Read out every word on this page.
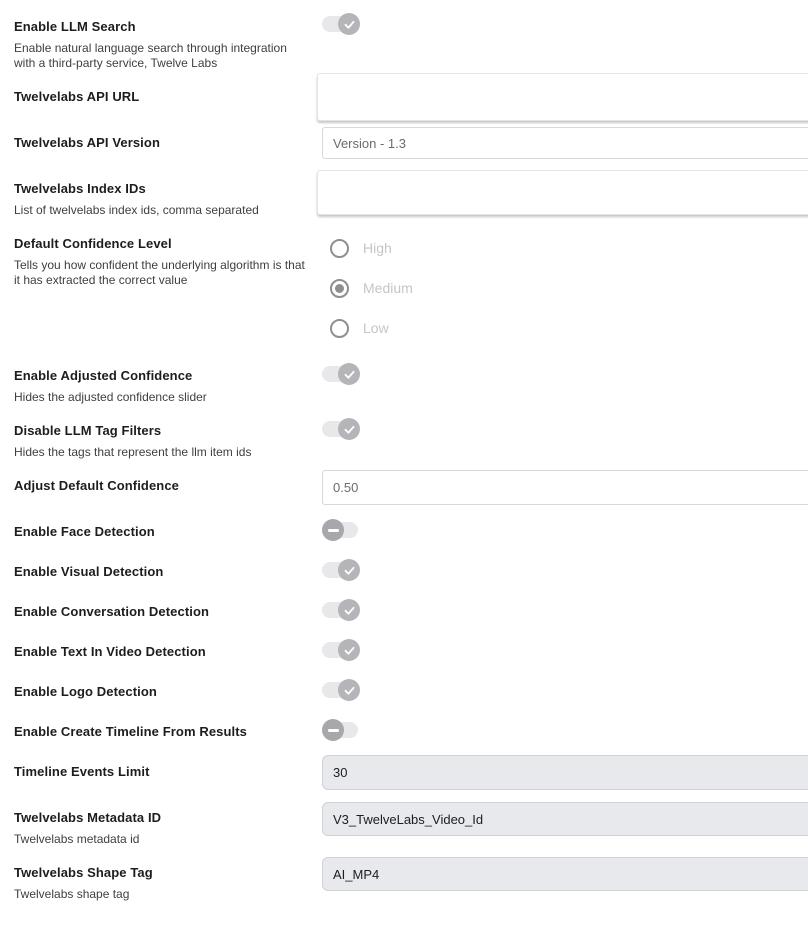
Enable LLM Search
Enable natural language search through integration with a third-party service, Twelve Labs
Twelvelabs API URL
Twelvelabs API Version
Version - 1.3
Twelvelabs Index IDs
List of twelvelabs index ids, comma separated
Default Confidence Level
Tells you how confident the underlying algorithm is that it has extracted the correct value
High
Medium
Low
Enable Adjusted Confidence
Hides the adjusted confidence slider
Disable LLM Tag Filters
Hides the tags that represent the llm item ids
Adjust Default Confidence
0.50
Enable Face Detection
Enable Visual Detection
Enable Conversation Detection
Enable Text In Video Detection
Enable Logo Detection
Enable Create Timeline From Results
Timeline Events Limit
30
Twelvelabs Metadata ID
Twelvelabs metadata id
V3_TwelveLabs_Video_Id
Twelvelabs Shape Tag
Twelvelabs shape tag
AI_MP4
